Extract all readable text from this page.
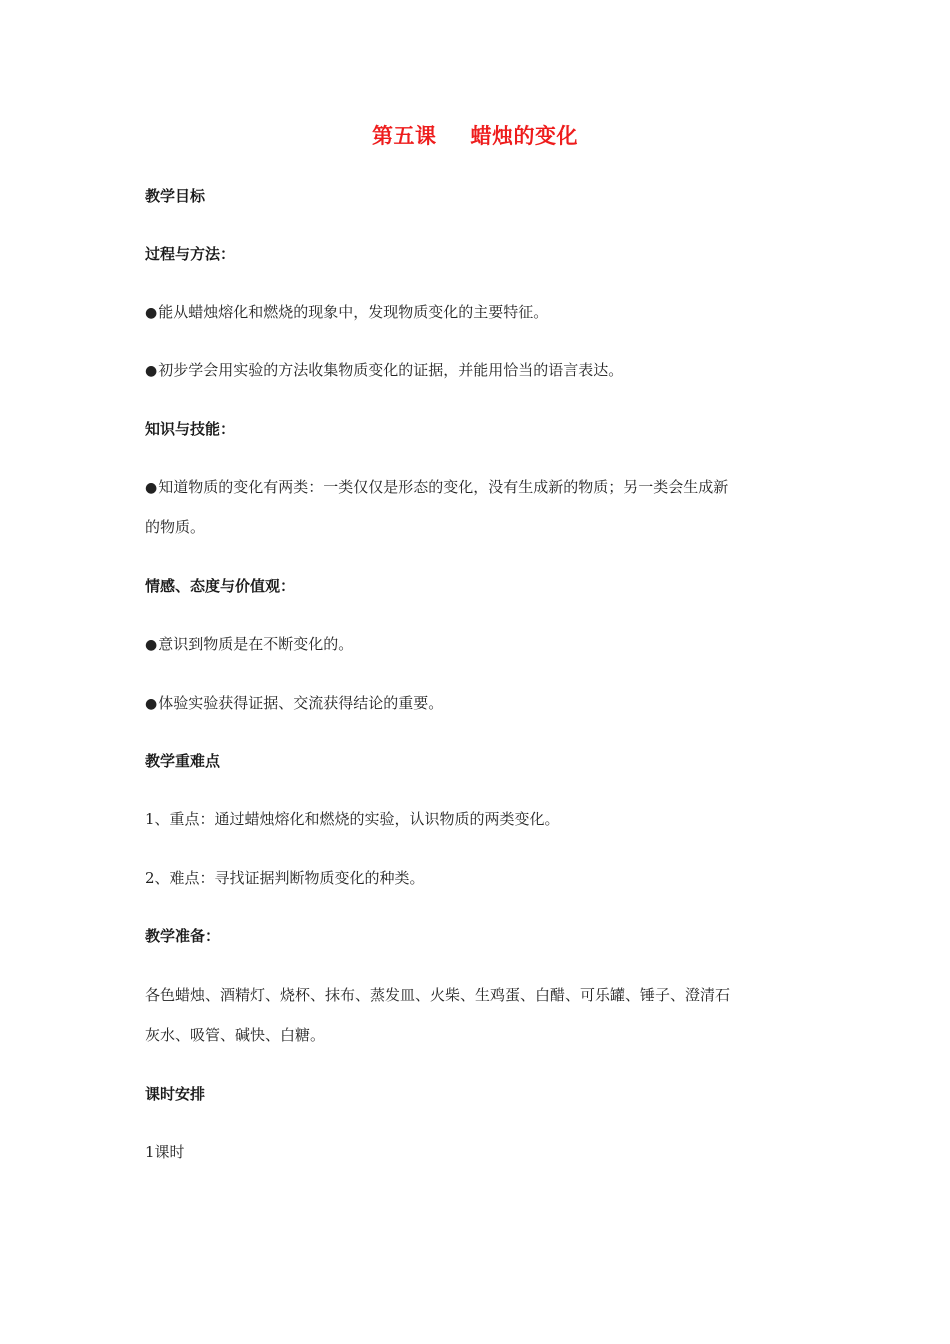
第五课 蜡烛的变化
教学目标
过程与方法：
●能从蜡烛熔化和燃烧的现象中，发现物质变化的主要特征。
●初步学会用实验的方法收集物质变化的证据，并能用恰当的语言表达。
知识与技能：
●知道物质的变化有两类：一类仅仅是形态的变化，没有生成新的物质；另一类会生成新
的物质。
情感、态度与价值观：
●意识到物质是在不断变化的。
●体验实验获得证据、交流获得结论的重要。
教学重难点
1、重点：通过蜡烛熔化和燃烧的实验，认识物质的两类变化。
2、难点：寻找证据判断物质变化的种类。
教学准备：
各色蜡烛、酒精灯、烧杯、抹布、蒸发皿、火柴、生鸡蛋、白醋、可乐罐、锤子、澄清石
灰水、吸管、碱快、白糖。
课时安排
1课时
